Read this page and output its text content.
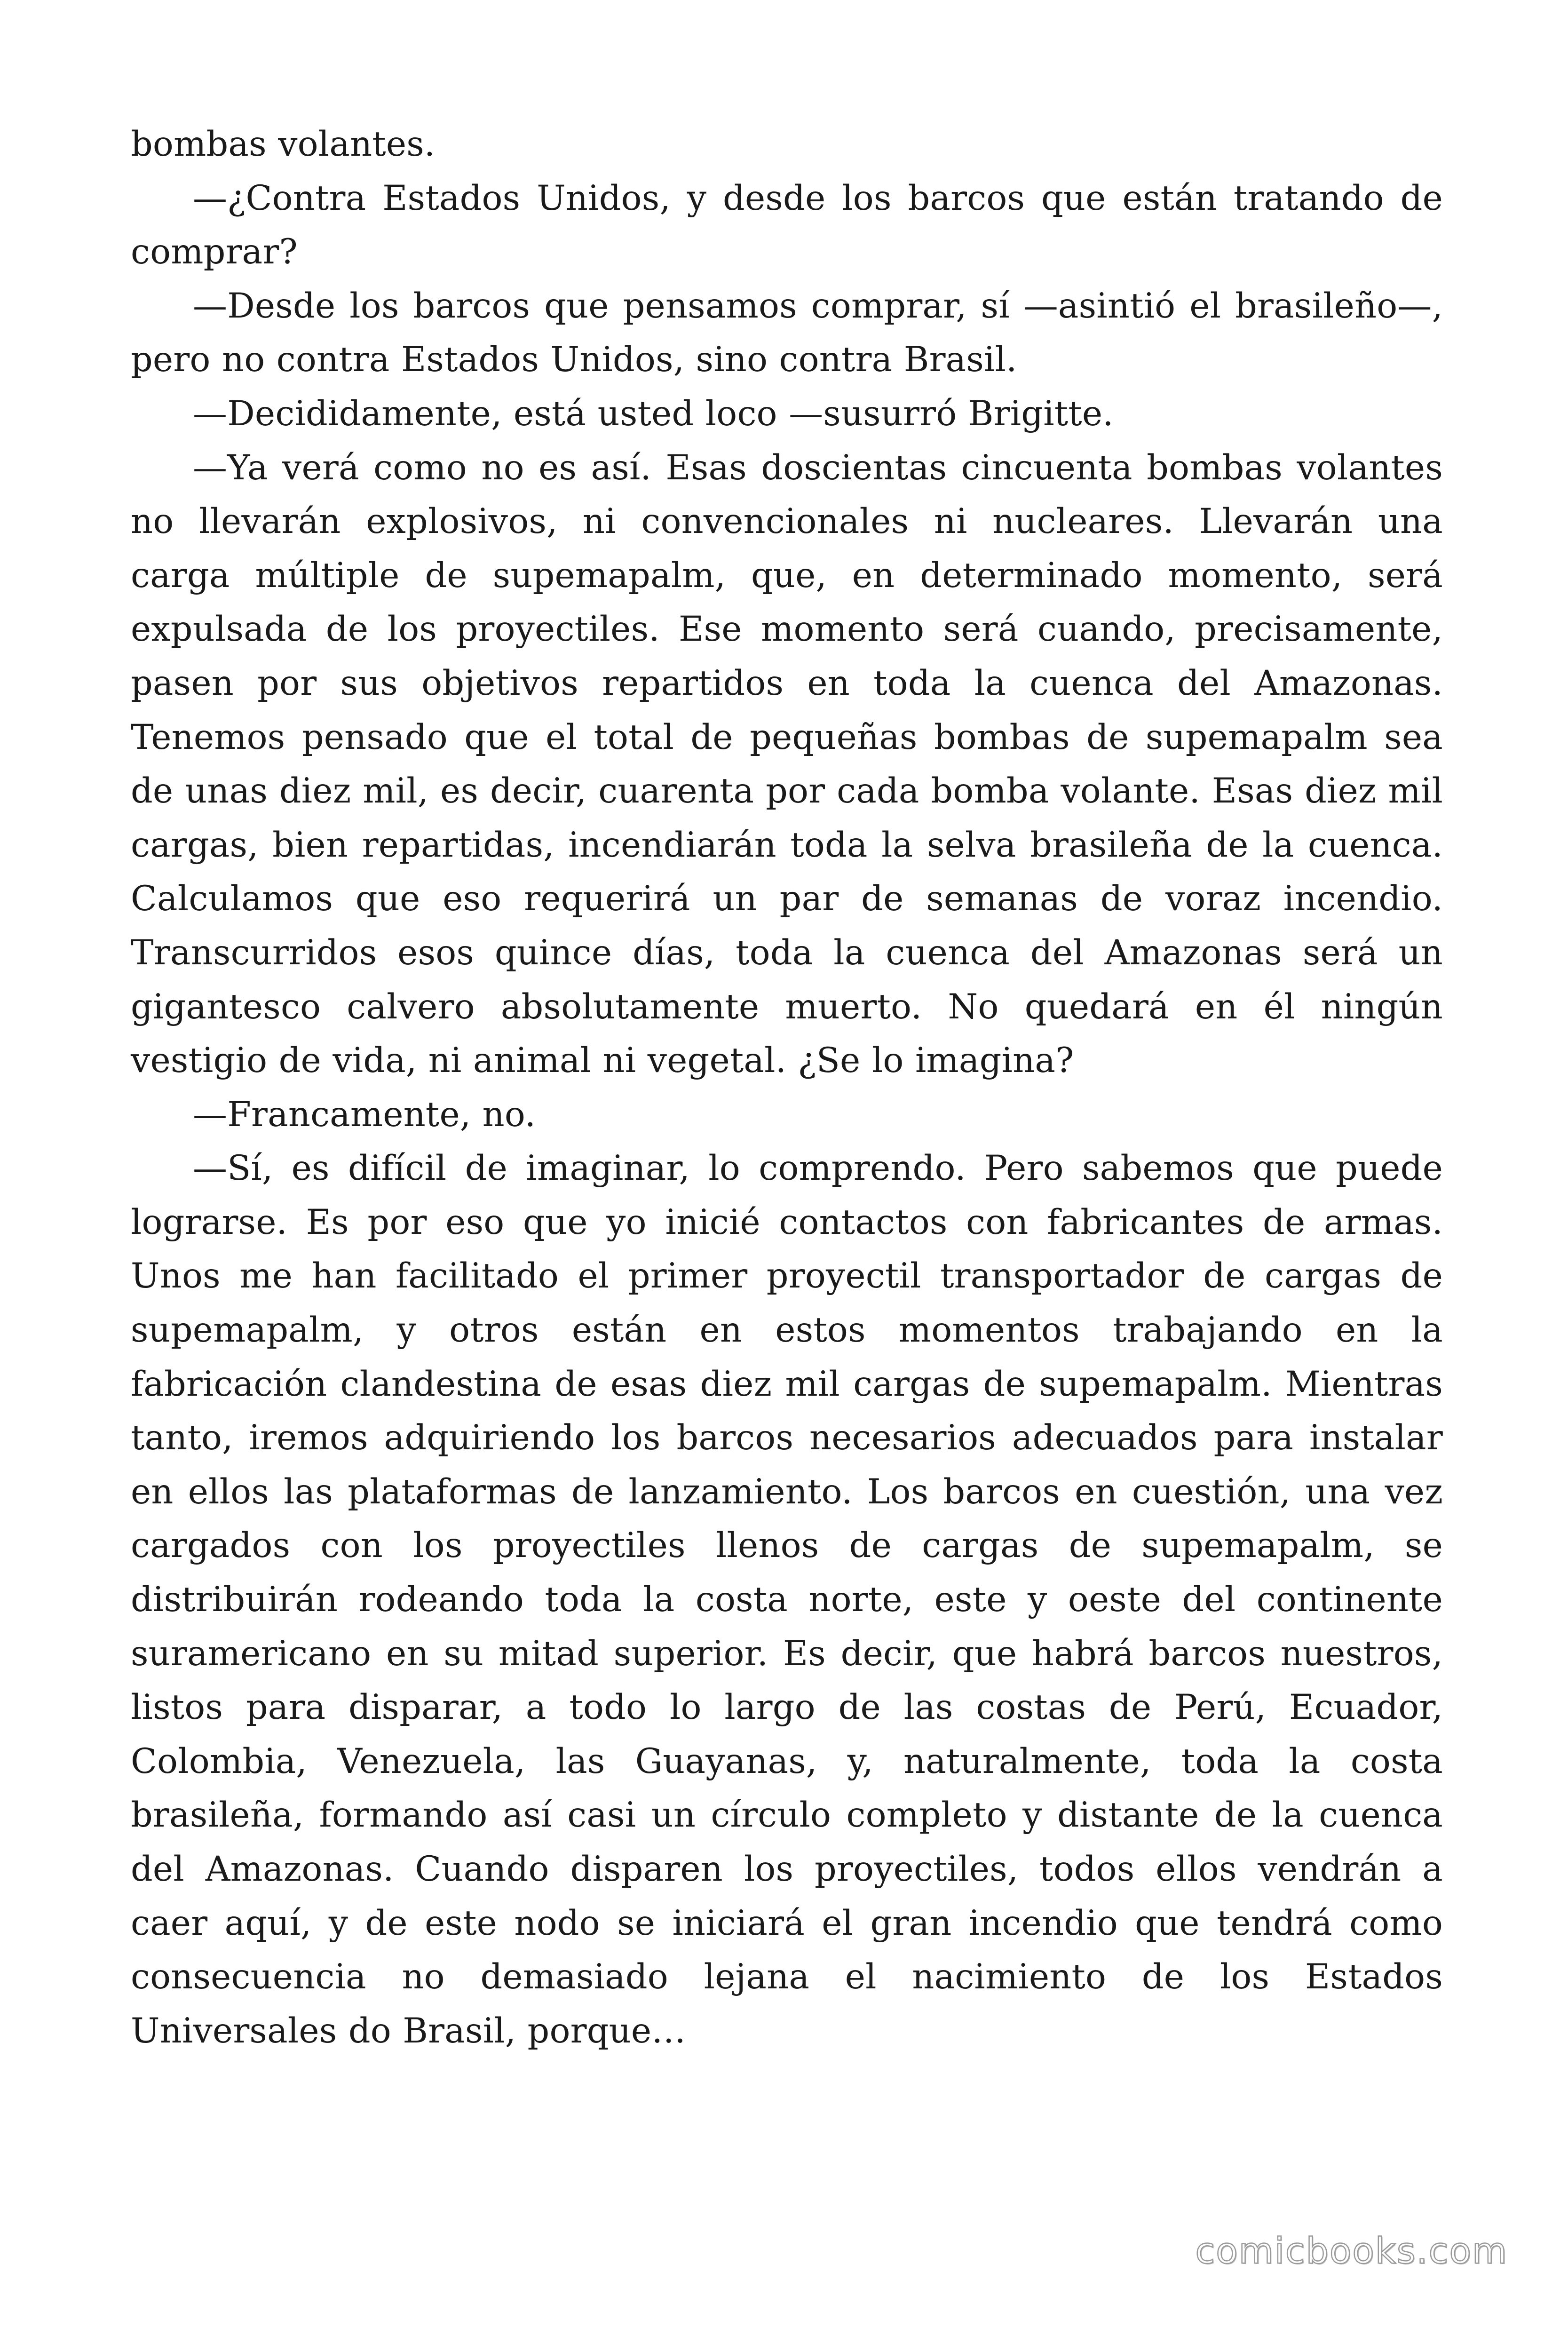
bombas volantes.

—¿Contra Estados Unidos, y desde los barcos que están tratando de comprar?

—Desde los barcos que pensamos comprar, sí —asintió el brasileño—, pero no contra Estados Unidos, sino contra Brasil.

—Decididamente, está usted loco —susurró Brigitte.

—Ya verá como no es así. Esas doscientas cincuenta bombas volantes no llevarán explosivos, ni convencionales ni nucleares. Llevarán una carga múltiple de supemapalm, que, en determinado momento, será expulsada de los proyectiles. Ese momento será cuando, precisamente, pasen por sus objetivos repartidos en toda la cuenca del Amazonas. Tenemos pensado que el total de pequeñas bombas de supemapalm sea de unas diez mil, es decir, cuarenta por cada bomba volante. Esas diez mil cargas, bien repartidas, incendiarán toda la selva brasileña de la cuenca. Calculamos que eso requerirá un par de semanas de voraz incendio. Transcurridos esos quince días, toda la cuenca del Amazonas será un gigantesco calvero absolutamente muerto. No quedará en él ningún vestigio de vida, ni animal ni vegetal. ¿Se lo imagina?

—Francamente, no.

—Sí, es difícil de imaginar, lo comprendo. Pero sabemos que puede lograrse. Es por eso que yo inicié contactos con fabricantes de armas. Unos me han facilitado el primer proyectil transportador de cargas de supemapalm, y otros están en estos momentos trabajando en la fabricación clandestina de esas diez mil cargas de supemapalm. Mientras tanto, iremos adquiriendo los barcos necesarios adecuados para instalar en ellos las plataformas de lanzamiento. Los barcos en cuestión, una vez cargados con los proyectiles llenos de cargas de supemapalm, se distribuirán rodeando toda la costa norte, este y oeste del continente suramericano en su mitad superior. Es decir, que habrá barcos nuestros, listos para disparar, a todo lo largo de las costas de Perú, Ecuador, Colombia, Venezuela, las Guayanas, y, naturalmente, toda la costa brasileña, formando así casi un círculo completo y distante de la cuenca del Amazonas. Cuando disparen los proyectiles, todos ellos vendrán a caer aquí, y de este nodo se iniciará el gran incendio que tendrá como consecuencia no demasiado lejana el nacimiento de los Estados Universales do Brasil, porque…

comicbooks.com
